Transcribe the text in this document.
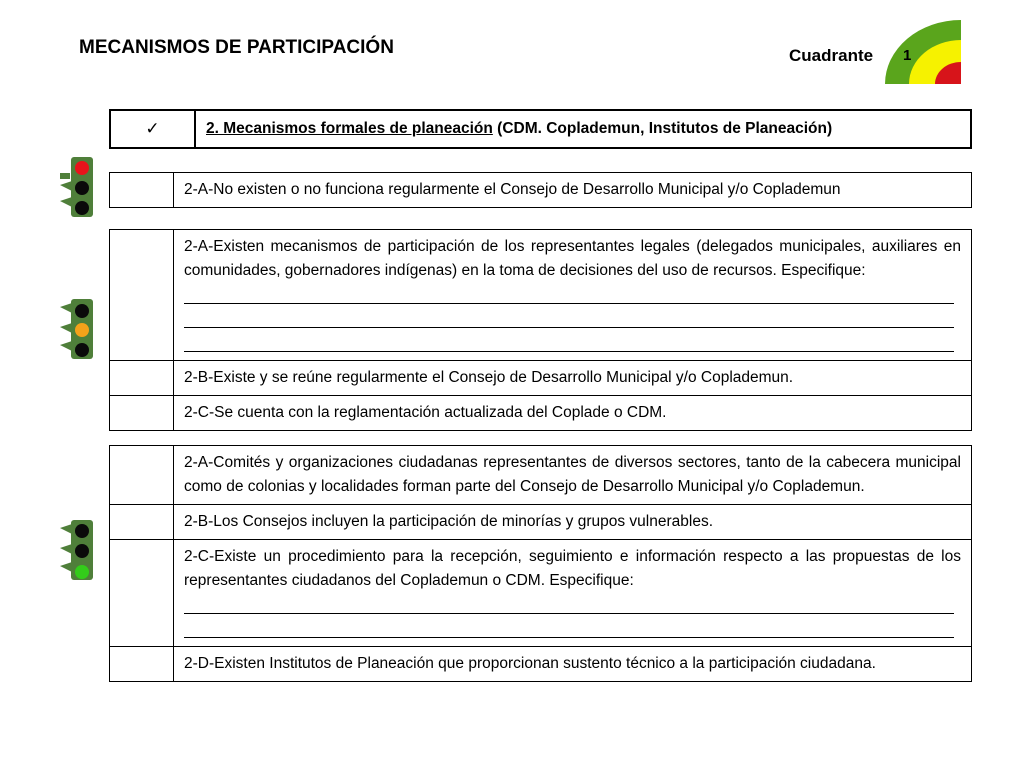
MECANISMOS DE PARTICIPACIÓN	Cuadrante 1
✓	2. Mecanismos formales de planeación (CDM. Coplademun, Institutos de Planeación)
	2-A-No existen o no funciona regularmente el Consejo de Desarrollo Municipal y/o Coplademun
	2-A-Existen mecanismos de participación de los representantes legales (delegados municipales, auxiliares en comunidades, gobernadores indígenas) en la toma de decisiones del uso de recursos. Especifique:

	2-B-Existe y se reúne regularmente el Consejo de Desarrollo Municipal y/o Coplademun.
	2-C-Se cuenta con la reglamentación actualizada del Coplade o CDM.
	2-A-Comités y organizaciones ciudadanas representantes de diversos sectores, tanto de la cabecera municipal como de colonias y localidades forman parte del Consejo de Desarrollo Municipal y/o Coplademun.
	2-B-Los Consejos incluyen la participación de minorías y grupos vulnerables.
	2-C-Existe un procedimiento para la recepción, seguimiento e información respecto a las propuestas de los representantes ciudadanos del Coplademun o CDM. Especifique:

	2-D-Existen Institutos de Planeación que proporcionan sustento técnico a la participación ciudadana.
